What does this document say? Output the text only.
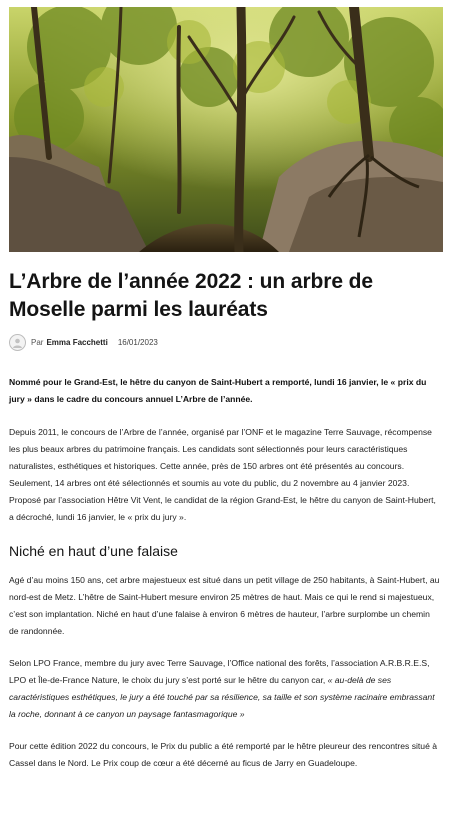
L’Arbre de l’année 2022 : un arbre de Moselle parmi les lauréats
Par Emma Facchetti 16/01/2023

Nommé pour le Grand-Est, le hêtre du canyon de Saint-Hubert a remporté, lundi 16 janvier, le « prix du jury » dans le cadre du concours annuel L’Arbre de l’année.

Depuis 2011, le concours de l’Arbre de l’année, organisé par l’ONF et le magazine Terre Sauvage, récompense les plus beaux arbres du patrimoine français. Les candidats sont sélectionnés pour leurs caractéristiques naturalistes, esthétiques et historiques. Cette année, près de 150 arbres ont été présentés au concours. Seulement, 14 arbres ont été sélectionnés et soumis au vote du public, du 2 novembre au 4 janvier 2023. Proposé par l’association Hêtre Vit Vent, le candidat de la région Grand-Est, le hêtre du canyon de Saint-Hubert, a décroché, lundi 16 janvier, le « prix du jury ».

Niché en haut d’une falaise

Agé d’au moins 150 ans, cet arbre majestueux est situé dans un petit village de 250 habitants, à Saint-Hubert, au nord-est de Metz. L’hêtre de Saint-Hubert mesure environ 25 mètres de haut. Mais ce qui le rend si majestueux, c’est son implantation. Niché en haut d’une falaise à environ 6 mètres de hauteur, l’arbre surplombe un chemin de randonnée.

Selon LPO France, membre du jury avec Terre Sauvage, l’Office national des forêts, l’association A.R.B.R.E.S, LPO et Île-de-France Nature, le choix du jury s’est porté sur le hêtre du canyon car, « au-delà de ses caractéristiques esthétiques, le jury a été touché par sa résilience, sa taille et son système racinaire embrassant la roche, donnant à ce canyon un paysage fantasmagorique »

Pour cette édition 2022 du concours, le Prix du public a été remporté par le hêtre pleureur des rencontres situé à Cassel dans le Nord. Le Prix coup de cœur a été décerné au ficus de Jarry en Guadeloupe.
